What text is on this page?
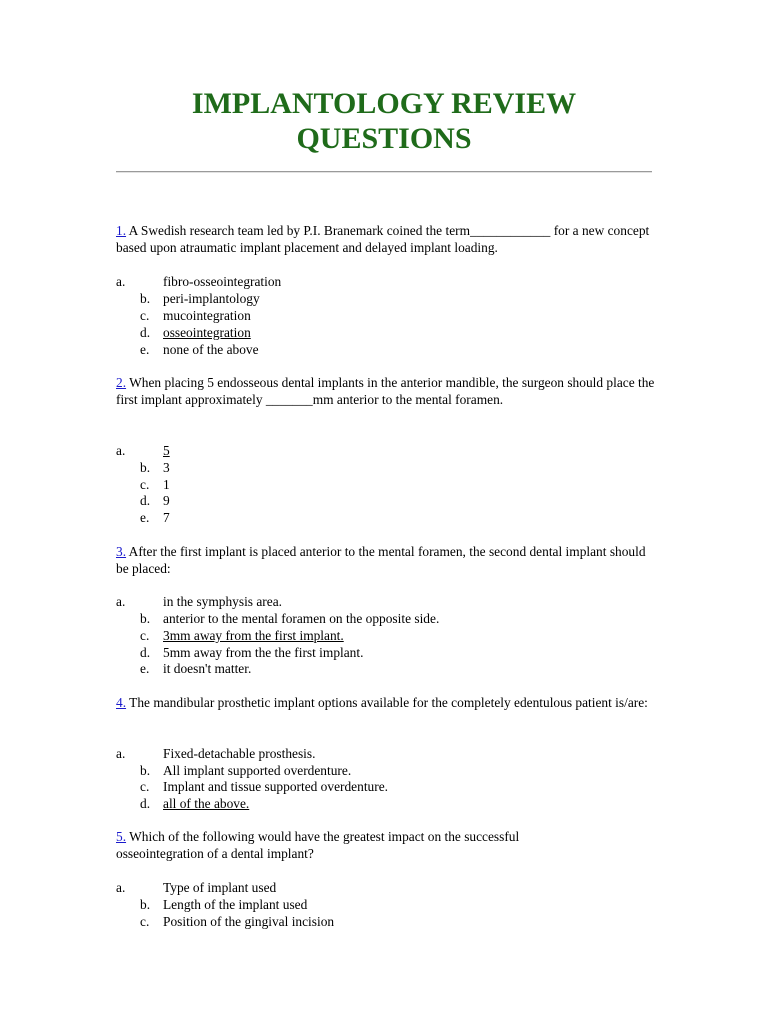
IMPLANTOLOGY REVIEW
QUESTIONS
1. A Swedish research team led by P.I. Branemark coined the term____________ for a new concept based upon atraumatic implant placement and delayed implant loading.
a.	fibro-osseointegration
b. peri-implantology
c. mucointegration
d. osseointegration
e. none of the above
2. When placing 5 endosseous dental implants in the anterior mandible, the surgeon should place the first implant approximately _______mm anterior to the mental foramen.
a.	5
b. 3
c. 1
d. 9
e. 7
3. After the first implant is placed anterior to the mental foramen, the second dental implant should be placed:
a.	in the symphysis area.
b. anterior to the mental foramen on the opposite side.
c. 3mm away from the first implant.
d. 5mm away from the the first implant.
e. it doesn't matter.
4. The mandibular prosthetic implant options available for the completely edentulous patient is/are:
a.	Fixed-detachable prosthesis.
b. All implant supported overdenture.
c. Implant and tissue supported overdenture.
d. all of the above.
5. Which of the following would have the greatest impact on the successful osseointegration of a dental implant?
a.	Type of implant used
b. Length of the implant used
c. Position of the gingival incision
